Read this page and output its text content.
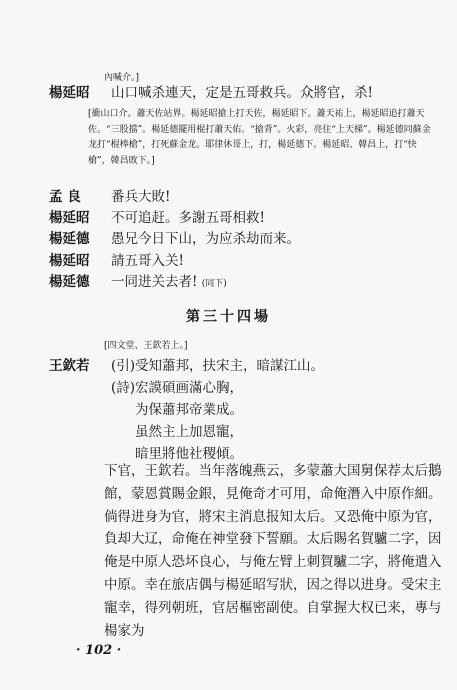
內喊介。]
楊延昭 山口喊杀連天，定是五哥救兵。众將官，杀!
[衝山口介。蕭天佐站界。楊延昭搶上打天佐，楊延昭下。蕭天祐上，楊延昭追打蕭天佐。“三股擋”。楊延德擺用棍打蕭天佑。“搶背”。火彩，亮住“上天梯”。楊延德同蘇金龙打“棍棒槍”，打死蘇金龙。耶律休哥上，打，楊延德下。楊延昭、韓昌上，打“快槍”，韓昌敗下。]
孟 良 番兵大敗!
楊延昭 不可追赶。多謝五哥相救!
楊延德 愚兄今日下山，为应杀劫而来。
楊延昭 請五哥入关!
楊延德 一同进关去者! (同下)
第三十四場
[四文堂、王欽若上。]
王欽若 (引)受知蕭邦，扶宋主，暗謀江山。
(詩)宏謨碩画滿心胸，
为保蕭邦帝業成。
虽然主上加恩寵，
暗里將他社稷傾。
下官，王欽若。当年落魄燕云，多蒙蕭大国舅保荐太后鵝館，蒙恩賞賜金銀，見俺奇才可用，命俺潛入中原作細。倘得进身为官，將宋主消息报知太后。又恐俺中原为官，負却大辽，命俺在神堂發下誓願。太后賜名賀驢二字，因俺是中原人恐坏良心，与俺左臂上刺賀驢二字，將俺遣入中原。幸在旅店偶与楊延昭写狀，因之得以进身。受宋主寵幸，得列朝班，官居樞密副使。自掌握大权已来，專与楊家为
· 102 ·
